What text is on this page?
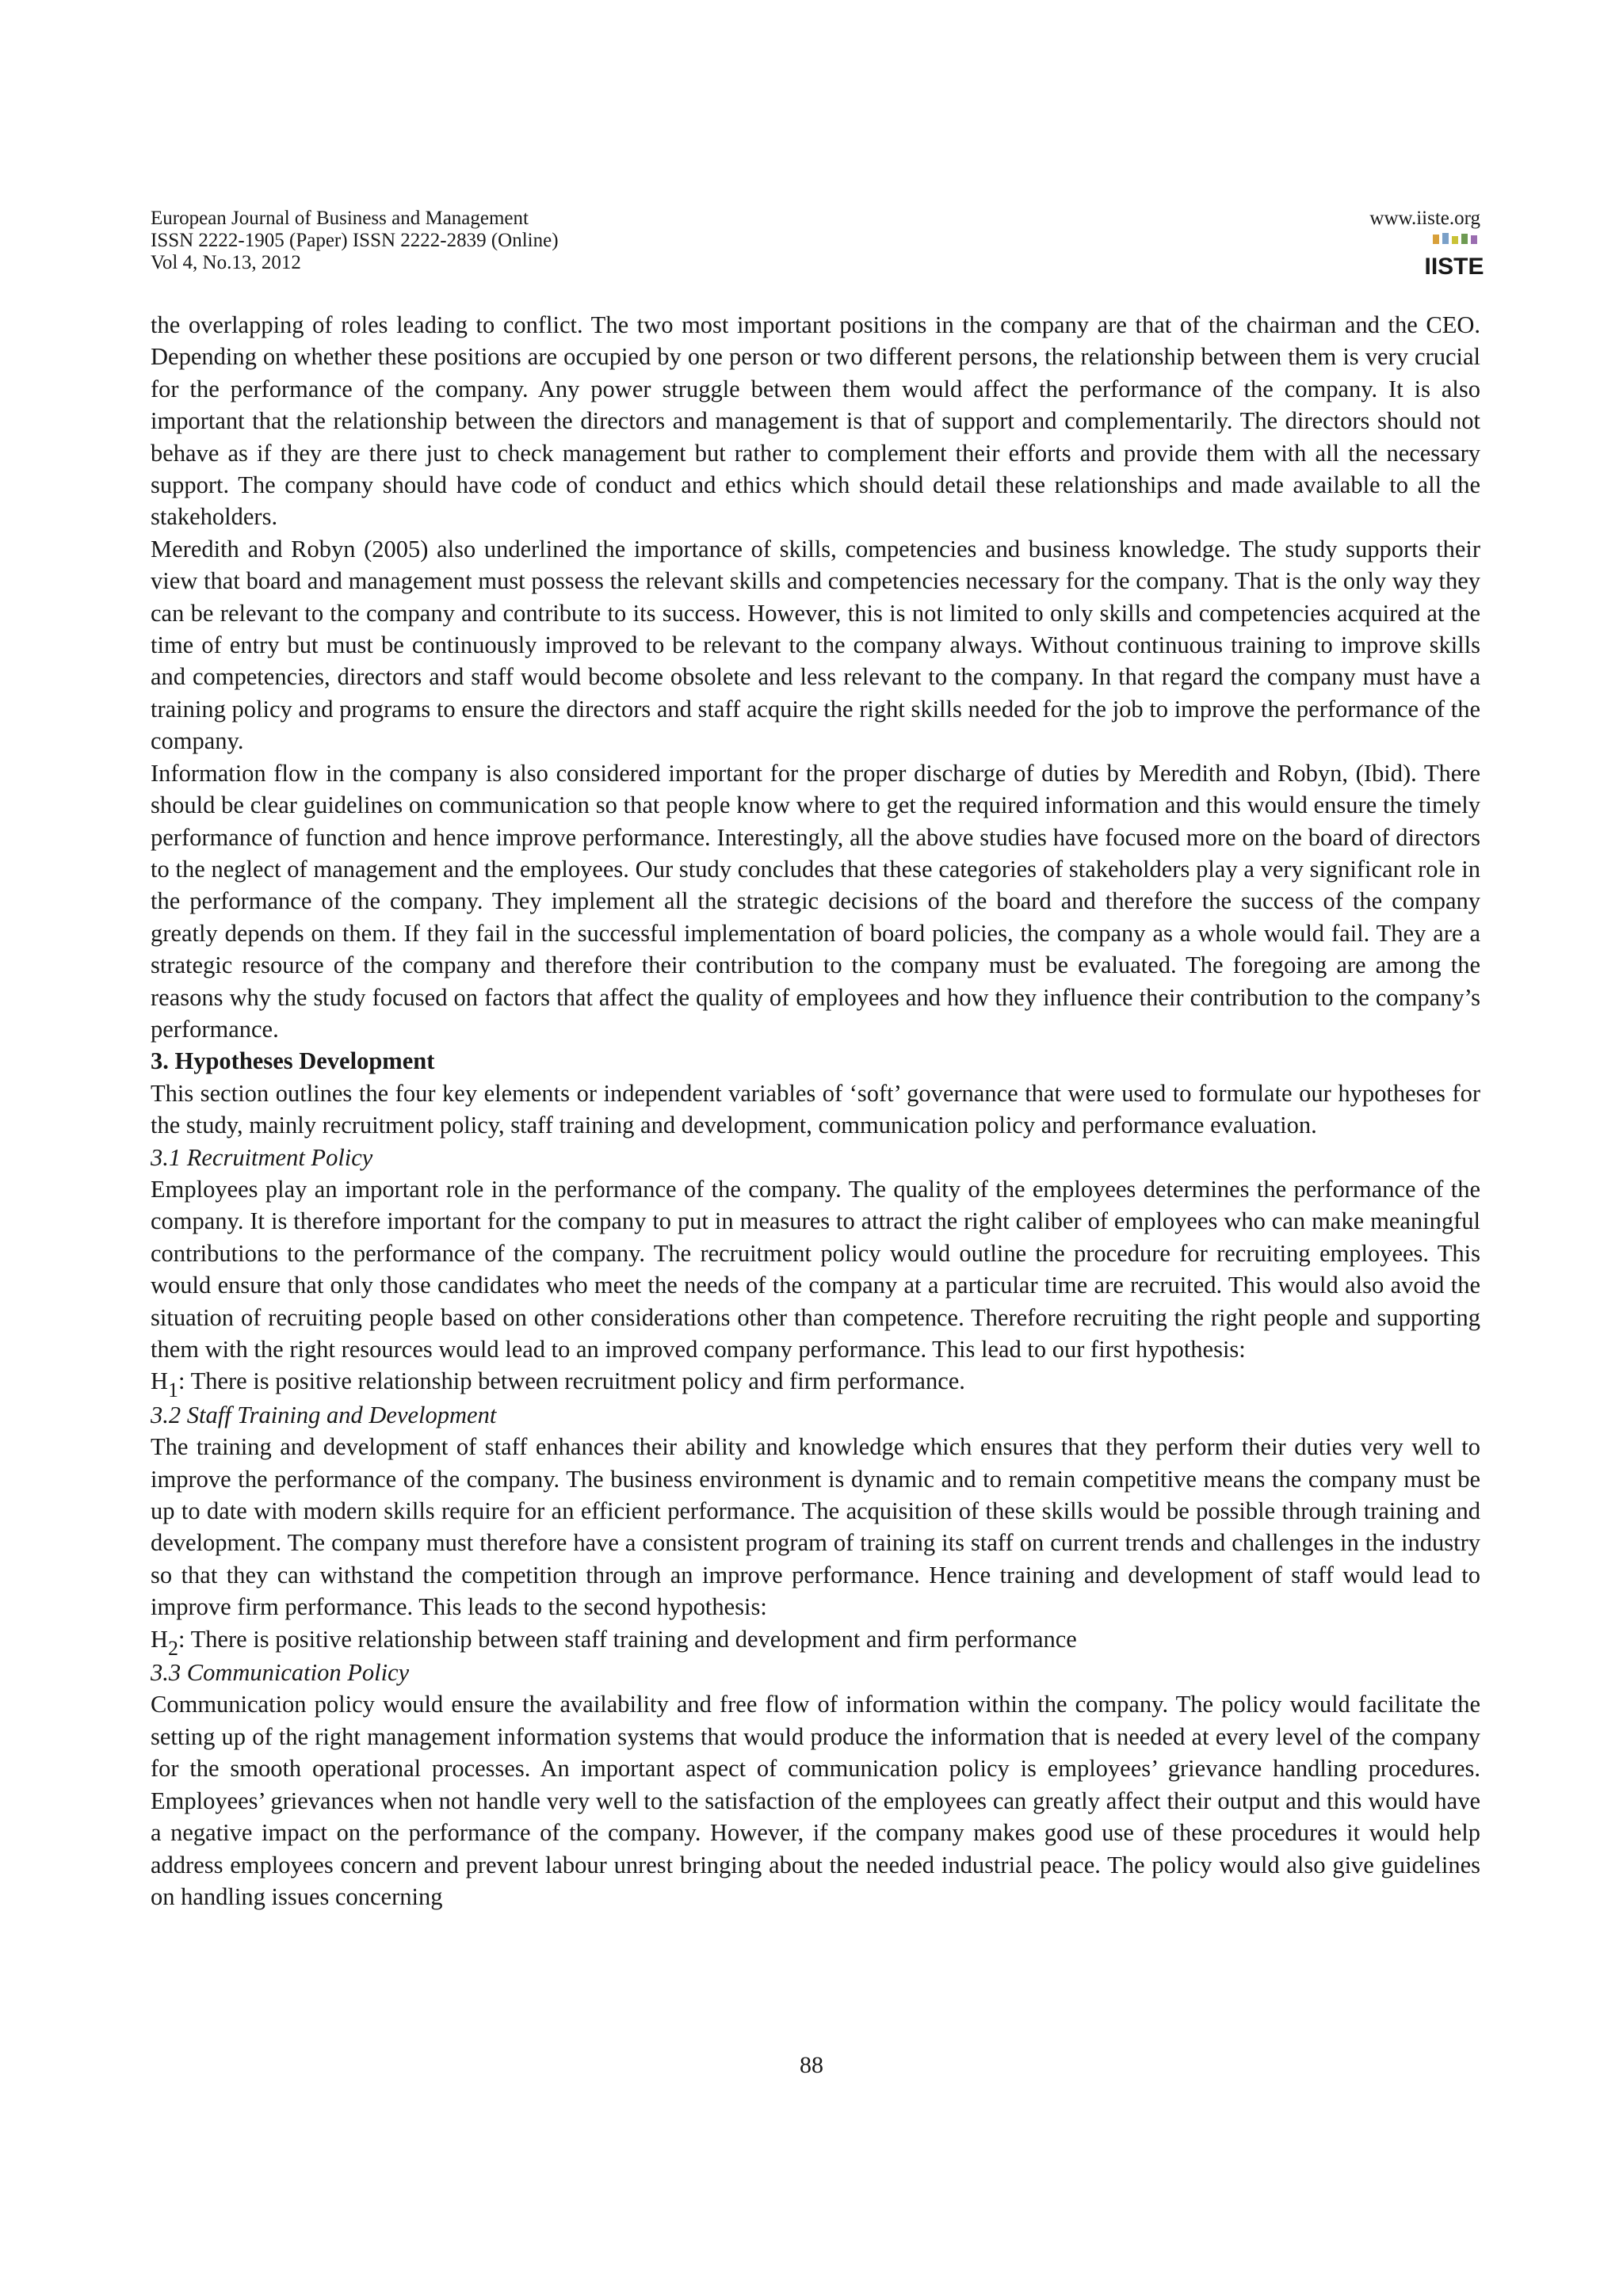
European Journal of Business and Management
ISSN 2222-1905 (Paper) ISSN 2222-2839 (Online)
Vol 4, No.13, 2012
www.iiste.org
IISTE

the overlapping of roles leading to conflict. The two most important positions in the company are that of the chairman and the CEO. Depending on whether these positions are occupied by one person or two different persons, the relationship between them is very crucial for the performance of the company. Any power struggle between them would affect the performance of the company. It is also important that the relationship between the directors and management is that of support and complementarily. The directors should not behave as if they are there just to check management but rather to complement their efforts and provide them with all the necessary support. The company should have code of conduct and ethics which should detail these relationships and made available to all the stakeholders.

Meredith and Robyn (2005) also underlined the importance of skills, competencies and business knowledge. The study supports their view that board and management must possess the relevant skills and competencies necessary for the company. That is the only way they can be relevant to the company and contribute to its success. However, this is not limited to only skills and competencies acquired at the time of entry but must be continuously improved to be relevant to the company always. Without continuous training to improve skills and competencies, directors and staff would become obsolete and less relevant to the company. In that regard the company must have a training policy and programs to ensure the directors and staff acquire the right skills needed for the job to improve the performance of the company.

Information flow in the company is also considered important for the proper discharge of duties by Meredith and Robyn, (Ibid). There should be clear guidelines on communication so that people know where to get the required information and this would ensure the timely performance of function and hence improve performance. Interestingly, all the above studies have focused more on the board of directors to the neglect of management and the employees. Our study concludes that these categories of stakeholders play a very significant role in the performance of the company. They implement all the strategic decisions of the board and therefore the success of the company greatly depends on them. If they fail in the successful implementation of board policies, the company as a whole would fail. They are a strategic resource of the company and therefore their contribution to the company must be evaluated. The foregoing are among the reasons why the study focused on factors that affect the quality of employees and how they influence their contribution to the company’s performance.

3. Hypotheses Development

This section outlines the four key elements or independent variables of ‘soft’ governance that were used to formulate our hypotheses for the study, mainly recruitment policy, staff training and development, communication policy and performance evaluation.

3.1 Recruitment Policy

Employees play an important role in the performance of the company. The quality of the employees determines the performance of the company. It is therefore important for the company to put in measures to attract the right caliber of employees who can make meaningful contributions to the performance of the company. The recruitment policy would outline the procedure for recruiting employees. This would ensure that only those candidates who meet the needs of the company at a particular time are recruited. This would also avoid the situation of recruiting people based on other considerations other than competence. Therefore recruiting the right people and supporting them with the right resources would lead to an improved company performance. This lead to our first hypothesis:

H1: There is positive relationship between recruitment policy and firm performance.

3.2 Staff Training and Development

The training and development of staff enhances their ability and knowledge which ensures that they perform their duties very well to improve the performance of the company. The business environment is dynamic and to remain competitive means the company must be up to date with modern skills require for an efficient performance. The acquisition of these skills would be possible through training and development. The company must therefore have a consistent program of training its staff on current trends and challenges in the industry so that they can withstand the competition through an improve performance. Hence training and development of staff would lead to improve firm performance. This leads to the second hypothesis:

H2: There is positive relationship between staff training and development and firm performance

3.3 Communication Policy

Communication policy would ensure the availability and free flow of information within the company. The policy would facilitate the setting up of the right management information systems that would produce the information that is needed at every level of the company for the smooth operational processes. An important aspect of communication policy is employees’ grievance handling procedures. Employees’ grievances when not handle very well to the satisfaction of the employees can greatly affect their output and this would have a negative impact on the performance of the company. However, if the company makes good use of these procedures it would help address employees concern and prevent labour unrest bringing about the needed industrial peace. The policy would also give guidelines on handling issues concerning

88
